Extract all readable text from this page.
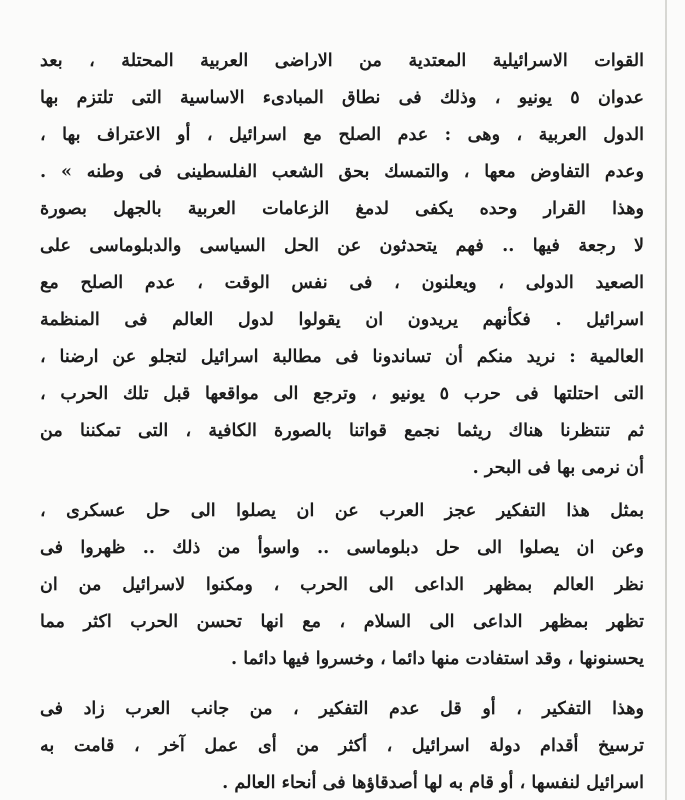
القوات الاسرائيلية المعتدية من الاراضى العربية المحتلة ، بعد
عدوان ٥ يونيو ، وذلك فى نطاق المبادىء الاساسية التى تلتزم بها
الدول العربية ، وهى : عدم الصلح مع اسرائيل ، أو الاعتراف بها ،
وعدم التفاوض معها ، والتمسك بحق الشعب الفلسطينى فى وطنه » .
وهذا القرار وحده يكفى لدمغ الزعامات العربية بالجهل بصورة
لا رجعة فيها .. فهم يتحدثون عن الحل السياسى والدبلوماسى على
الصعيد الدولى ، ويعلنون ، فى نفس الوقت ، عدم الصلح مع
اسرائيل . فكأنهم يريدون ان يقولوا لدول العالم فى المنظمة
العالمية : نريد منكم أن تساندونا فى مطالبة اسرائيل لتجلو عن ارضنا ،
التى احتلتها فى حرب ٥ يونيو ، وترجع الى مواقعها قبل تلك الحرب ،
ثم تنتظرنا هناك ريثما نجمع قواتنا بالصورة الكافية ، التى تمكننا من
أن نرمى بها فى البحر .
بمثل هذا التفكير عجز العرب عن ان يصلوا الى حل عسكرى ،
وعن ان يصلوا الى حل دبلوماسى .. واسوأ من ذلك .. ظهروا فى
نظر العالم بمظهر الداعى الى الحرب ، ومكنوا لاسرائيل من ان
تظهر بمظهر الداعى الى السلام ، مع انها تحسن الحرب اكثر مما
يحسنونها ، وقد استفادت منها دائما ، وخسروا فيها دائما .
وهذا التفكير ، أو قل عدم التفكير ، من جانب العرب زاد فى
ترسيخ أقدام دولة اسرائيل ، أكثر من أى عمل آخر ، قامت به
اسرائيل لنفسها ، أو قام به لها أصدقاؤها فى أنحاء العالم .
